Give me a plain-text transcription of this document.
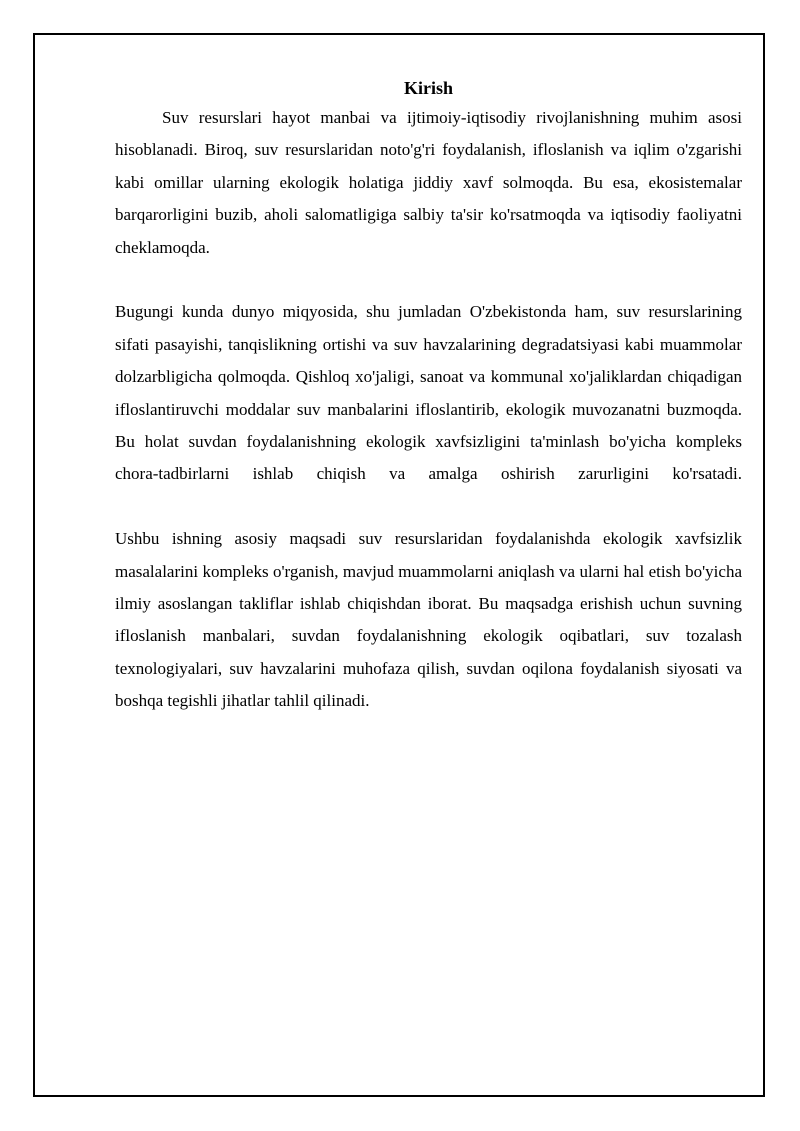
Kirish

Suv resurslari hayot manbai va ijtimoiy-iqtisodiy rivojlanishning muhim asosi hisoblanadi. Biroq, suv resurslaridan noto'g'ri foydalanish, ifloslanish va iqlim o'zgarishi kabi omillar ularning ekologik holatiga jiddiy xavf solmoqda. Bu esa, ekosistemalar barqarorligini buzib, aholi salomatligiga salbiy ta'sir ko'rsatmoqda va iqtisodiy faoliyatni cheklamoqda.

Bugungi kunda dunyo miqyosida, shu jumladan O'zbekistonda ham, suv resurslarining sifati pasayishi, tanqislikning ortishi va suv havzalarining degradatsiyasi kabi muammolar dolzarbligicha qolmoqda. Qishloq xo'jaligi, sanoat va kommunal xo'jaliklardan chiqadigan ifloslantiruvchi moddalar suv manbalarini ifloslantirib, ekologik muvozanatni buzmoqda. Bu holat suvdan foydalanishning ekologik xavfsizligini ta'minlash bo'yicha kompleks chora-tadbirlarni ishlab chiqish va amalga oshirish zarurligini ko'rsatadi.

Ushbu ishning asosiy maqsadi suv resurslaridan foydalanishda ekologik xavfsizlik masalalarini kompleks o'rganish, mavjud muammolarni aniqlash va ularni hal etish bo'yicha ilmiy asoslangan takliflar ishlab chiqishdan iborat. Bu maqsadga erishish uchun suvning ifloslanish manbalari, suvdan foydalanishning ekologik oqibatlari, suv tozalash texnologiyalari, suv havzalarini muhofaza qilish, suvdan oqilona foydalanish siyosati va boshqa tegishli jihatlar tahlil qilinadi.
